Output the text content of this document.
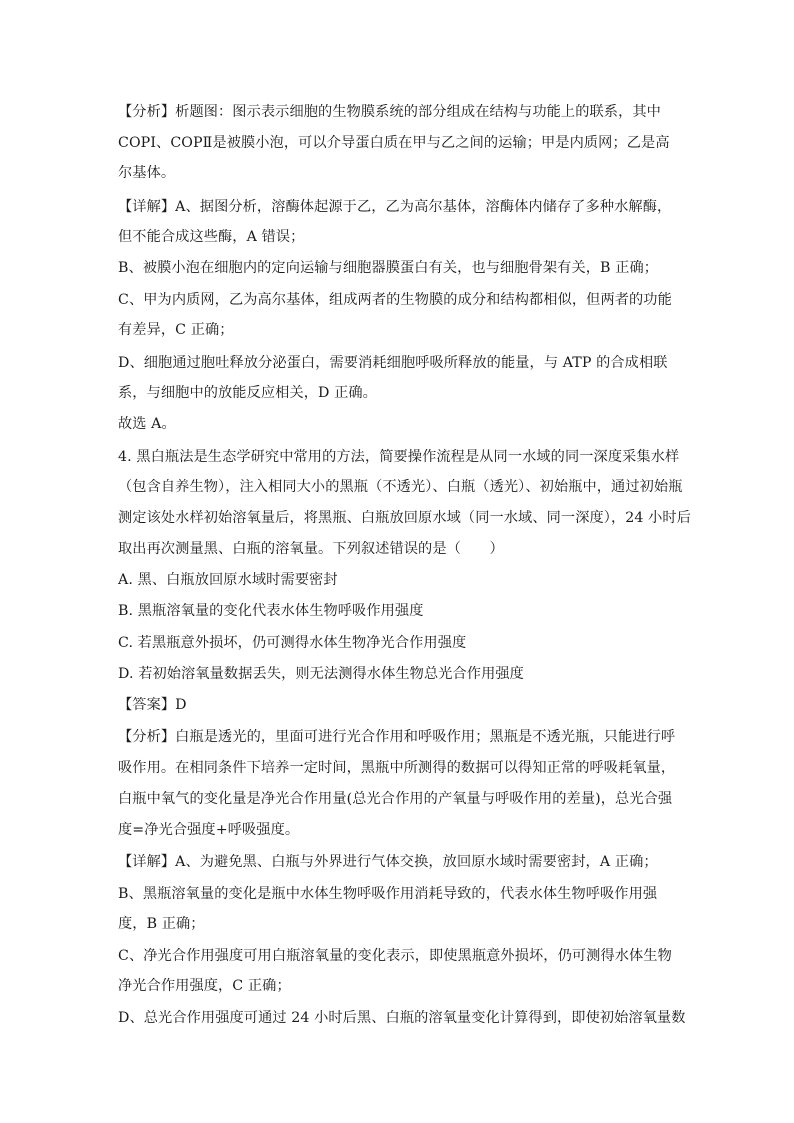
【分析】析题图：图示表示细胞的生物膜系统的部分组成在结构与功能上的联系，其中
COPⅠ、COPⅡ是被膜小泡，可以介导蛋白质在甲与乙之间的运输；甲是内质网；乙是高
尔基体。
【详解】A、据图分析，溶酶体起源于乙，乙为高尔基体，溶酶体内储存了多种水解酶，
但不能合成这些酶，A 错误；
B、被膜小泡在细胞内的定向运输与细胞器膜蛋白有关，也与细胞骨架有关，B 正确；
C、甲为内质网，乙为高尔基体，组成两者的生物膜的成分和结构都相似，但两者的功能
有差异，C 正确；
D、细胞通过胞吐释放分泌蛋白，需要消耗细胞呼吸所释放的能量，与 ATP 的合成相联
系，与细胞中的放能反应相关，D 正确。
故选 A。
4. 黑白瓶法是生态学研究中常用的方法，简要操作流程是从同一水域的同一深度采集水样
（包含自养生物），注入相同大小的黑瓶（不透光）、白瓶（透光）、初始瓶中，通过初始瓶
测定该处水样初始溶氧量后，将黑瓶、白瓶放回原水域（同一水域、同一深度），24 小时后
取出再次测量黑、白瓶的溶氧量。下列叙述错误的是（　　）
A. 黑、白瓶放回原水域时需要密封
B. 黑瓶溶氧量的变化代表水体生物呼吸作用强度
C. 若黑瓶意外损坏，仍可测得水体生物净光合作用强度
D. 若初始溶氧量数据丢失，则无法测得水体生物总光合作用强度
【答案】D
【分析】白瓶是透光的，里面可进行光合作用和呼吸作用；黑瓶是不透光瓶，只能进行呼
吸作用。在相同条件下培养一定时间，黑瓶中所测得的数据可以得知正常的呼吸耗氧量，
白瓶中氧气的变化量是净光合作用量(总光合作用的产氧量与呼吸作用的差量)，总光合强
度=净光合强度+呼吸强度。
【详解】A、为避免黑、白瓶与外界进行气体交换，放回原水域时需要密封，A 正确；
B、黑瓶溶氧量的变化是瓶中水体生物呼吸作用消耗导致的，代表水体生物呼吸作用强
度，B 正确；
C、净光合作用强度可用白瓶溶氧量的变化表示，即使黑瓶意外损坏，仍可测得水体生物
净光合作用强度，C 正确；
D、总光合作用强度可通过 24 小时后黑、白瓶的溶氧量变化计算得到，即使初始溶氧量数
